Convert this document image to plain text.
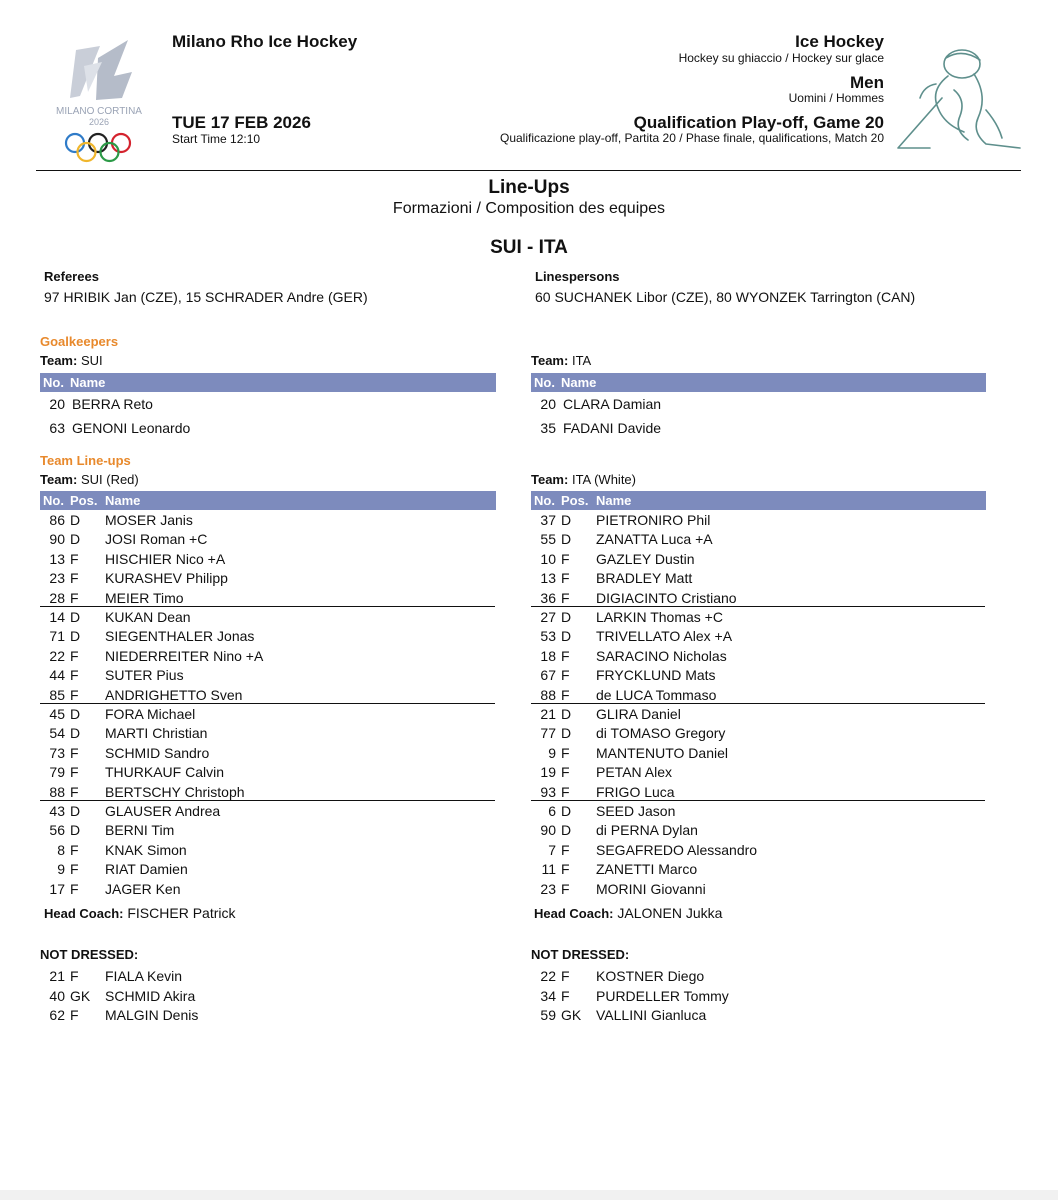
MILANO CORTINA
2026
Milano Rho Ice Hockey
TUE 17 FEB 2026
Start Time 12:10
Ice Hockey
Hockey su ghiaccio / Hockey sur glace
Men
Uomini / Hommes
Qualification Play-off, Game 20
Qualificazione play-off, Partita 20 / Phase finale, qualifications, Match 20
Line-Ups
Formazioni / Composition des equipes
SUI - ITA
Referees
97 HRIBIK Jan (CZE), 15 SCHRADER Andre (GER)
Linespersons
60 SUCHANEK Libor (CZE), 80 WYONZEK Tarrington (CAN)
Goalkeepers
Team: SUI	Team: ITA
No. Name	No. Name
Team Line-ups
Team: SUI (Red)	Team: ITA (White)
No. Pos. Name	No. Pos. Name
Head Coach: FISCHER Patrick	Head Coach: JALONEN Jukka
NOT DRESSED:	NOT DRESSED:
20 BERRA Reto
63 GENONI Leonardo
20 CLARA Damian
35 FADANI Davide
86 D MOSER Janis
90 D JOSI Roman +C
13 F HISCHIER Nico +A
23 F KURASHEV Philipp
28 F MEIER Timo
14 D KUKAN Dean
71 D SIEGENTHALER Jonas
22 F NIEDERREITER Nino +A
44 F SUTER Pius
85 F ANDRIGHETTO Sven
45 D FORA Michael
54 D MARTI Christian
73 F SCHMID Sandro
79 F THURKAUF Calvin
88 F BERTSCHY Christoph
43 D GLAUSER Andrea
56 D BERNI Tim
8 F KNAK Simon
9 F RIAT Damien
17 F JAGER Ken
21 F FIALA Kevin
40 GK SCHMID Akira
62 F MALGIN Denis
37 D PIETRONIRO Phil
55 D ZANATTA Luca +A
10 F GAZLEY Dustin
13 F BRADLEY Matt
36 F DIGIACINTO Cristiano
27 D LARKIN Thomas +C
53 D TRIVELLATO Alex +A
18 F SARACINO Nicholas
67 F FRYCKLUND Mats
88 F de LUCA Tommaso
21 D GLIRA Daniel
77 D di TOMASO Gregory
9 F MANTENUTO Daniel
19 F PETAN Alex
93 F FRIGO Luca
6 D SEED Jason
90 D di PERNA Dylan
7 F SEGAFREDO Alessandro
11 F ZANETTI Marco
23 F MORINI Giovanni
22 F KOSTNER Diego
34 F PURDELLER Tommy
59 GK VALLINI Gianluca
